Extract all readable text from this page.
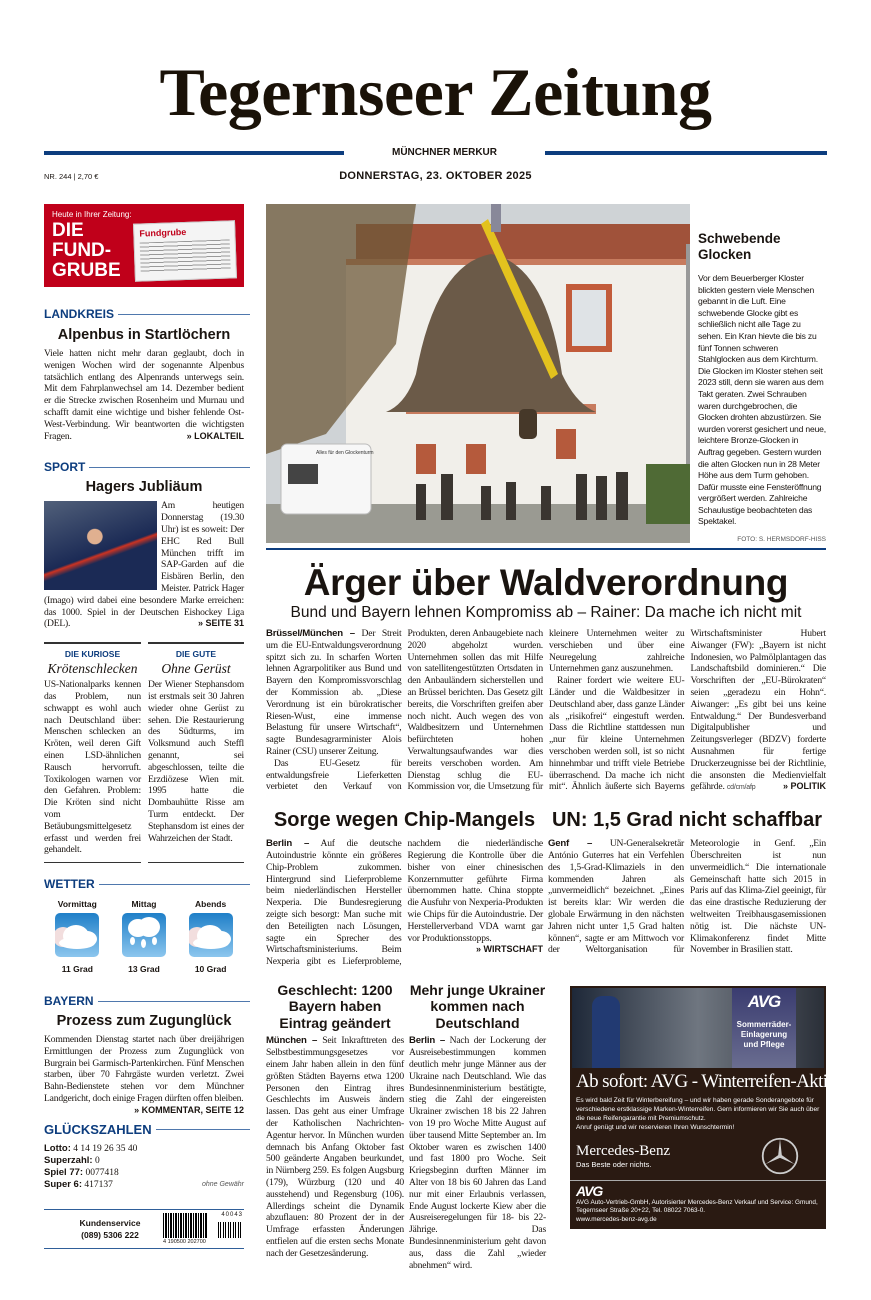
Tegernseer Zeitung
MÜNCHNER MERKUR
NR. 244 | 2,70 €	DONNERSTAG, 23. OKTOBER 2025
Heute in Ihrer Zeitung:
DIE
FUND-
GRUBE
Fundgrube
LANDKREIS
Alpenbus in Startlöchern
Viele hatten nicht mehr daran geglaubt, doch in wenigen Wochen wird der sogenannte Alpenbus tatsächlich entlang des Alpenrands unterwegs sein. Mit dem Fahrplanwechsel am 14. Dezember bedient er die Strecke zwischen Rosenheim und Murnau und schafft damit eine wichtige und bisher fehlende Ost-West-Verbindung. Wir beantworten die wichtigsten Fragen.	» LOKALTEIL
SPORT
Hagers Jubliäum
Am heutigen Donnerstag (19.30 Uhr) ist es soweit: Der EHC Red Bull München trifft im SAP-Garden auf die Eisbären Berlin, den Meister. Patrick Hager (Imago) wird dabei eine besondere Marke erreichen: das 1000. Spiel in der Deutschen Eishockey Liga (DEL).	» SEITE 31
DIE KURIOSE
Krötenschlecken
US-Nationalparks kennen das Problem, nun schwappt es wohl auch nach Deutschland über: Menschen schlecken an Kröten, weil deren Gift einen LSD-ähnlichen Rausch hervorruft. Toxikologen warnen vor den Gefahren. Problem: Die Kröten sind nicht vom Betäubungsmittelgesetz erfasst und werden frei gehandelt.
DIE GUTE
Ohne Gerüst
Der Wiener Stephansdom ist erstmals seit 30 Jahren wieder ohne Gerüst zu sehen. Die Restaurierung des Südturms, im Volksmund auch Steffl genannt, sei abgeschlossen, teilte die Erzdiözese Wien mit. 1995 hatte die Dombauhütte Risse am Turm entdeckt. Der Stephansdom ist eines der Wahrzeichen der Stadt.
WETTER
Vormittag
11 Grad
Mittag
13 Grad
Abends
10 Grad
BAYERN
Prozess zum Zugunglück
Kommenden Dienstag startet nach über dreijährigen Ermittlungen der Prozess zum Zugunglück von Burgrain bei Garmisch-Partenkirchen. Fünf Menschen starben, über 70 Fahrgäste wurden verletzt. Zwei Bahn-Bedienstete stehen vor dem Münchner Landgericht, doch einige Fragen dürften offen bleiben.
» KOMMENTAR, SEITE 12
GLÜCKSZAHLEN
Lotto: 4 14 19 26 35 40
Superzahl: 0
Spiel 77: 0077418
Super 6: 417137	ohne Gewähr
Kundenservice
(089) 5306 222
40043
4 190500 202700
Alles für den Glockenturm
Schwebende Glocken
Vor dem Beuerberger Kloster blickten gestern viele Menschen gebannt in die Luft. Eine schwebende Glocke gibt es schließlich nicht alle Tage zu sehen. Ein Kran hievte die bis zu fünf Tonnen schweren Stahlglocken aus dem Kirchturm. Die Glocken im Kloster stehen seit 2023 still, denn sie waren aus dem Takt geraten. Zwei Schrauben waren durchgebrochen, die Glocken drohten abzustürzen. Sie wurden vorerst gesichert und neue, leichtere Bronze-Glocken in Auftrag gegeben. Gestern wurden die alten Glocken nun in 28 Meter Höhe aus dem Turm gehoben. Dafür musste eine Fensteröffnung vergrößert werden. Zahlreiche Schaulustige beobachteten das Spektakel.
FOTO: S. HERMSDORF-HISS
Ärger über Waldverordnung
Bund und Bayern lehnen Kompromiss ab – Rainer: Da mache ich nicht mit

Brüssel/München – Der Streit um die EU-Entwaldungsverordnung spitzt sich zu. In scharfen Worten lehnen Agrarpolitiker aus Bund und Bayern den Kompromissvorschlag der Kommission ab. „Diese Verordnung ist ein bürokratischer Riesen-Wust, eine immense Belastung für unsere Wirtschaft“, sagte Bundesagrarminister Alois Rainer (CSU) unserer Zeitung.

Das EU-Gesetz für entwaldungsfreie Lieferketten verbietet den Verkauf von Produkten, deren Anbaugebiete nach 2020 abgeholzt wurden. Unternehmen sollen das mit Hilfe von satellitengestützten Ortsdaten in den Anbauländern sicherstellen und an Brüssel berichten. Das Gesetz gilt bereits, die Vorschriften greifen aber noch nicht. Auch wegen des von Waldbesitzern und Unternehmen befürchteten hohen Verwaltungsaufwandes war dies bereits verschoben worden. Am Dienstag schlug die EU-Kommission vor, die Umsetzung für kleinere Unternehmen weiter zu verschieben und über eine Neuregelung zahlreiche Unternehmen ganz auszunehmen.

Rainer fordert wie weitere EU-Länder und die Waldbesitzer in Deutschland aber, dass ganze Länder als „risikofrei“ eingestuft werden. Dass die Richtline stattdessen nun „nur für kleine Unternehmen verschoben werden soll, ist so nicht hinnehmbar und trifft viele Betriebe überraschend. Da mache ich nicht mit“. Ähnlich äußerte sich Bayerns Wirtschaftsminister Hubert Aiwanger (FW): „Bayern ist nicht Indonesien, wo Palmölplantagen das Landschaftsbild dominieren.“ Die Vorschriften der „EU-Bürokraten“ seien „geradezu ein Hohn“. Aiwanger: „Es gibt bei uns keine Entwaldung.“ Der Bundesverband Digitalpublisher und Zeitungsverleger (BDZV) forderte Ausnahmen für fertige Druckerzeugnisse bei der Richtlinie, die ansonsten die Medienvielfalt gefährde. cd/cm/afp	» POLITIK

Sorge wegen Chip-Mangels
Berlin – Auf die deutsche Autoindustrie könnte ein größeres Chip-Problem zukommen. Hintergrund sind Lieferprobleme beim niederländischen Hersteller Nexperia. Die Bundesregierung zeigte sich besorgt: Man suche mit den Beteiligten nach Lösungen, sagte ein Sprecher des Wirtschaftsministeriums. Beim Nexperia gibt es Lieferprobleme, nachdem die niederländische Regierung die Kontrolle über die bisher von einer chinesischen Konzernmutter geführte Firma übernommen hatte. China stoppte die Ausfuhr von Nexperia-Produkten wie Chips für die Autoindustrie. Der Herstellerverband VDA warnt gar vor Produktionsstopps.
» WIRTSCHAFT
UN: 1,5 Grad nicht schaffbar
Genf – UN-Generalsekretär António Guterres hat ein Verfehlen des 1,5-Grad-Klimaziels in den kommenden Jahren als „unvermeidlich“ bezeichnet. „Eines ist bereits klar: Wir werden die globale Erwärmung in den nächsten Jahren nicht unter 1,5 Grad halten können“, sagte er am Mittwoch vor der Weltorganisation für Meteorologie in Genf. „Ein Überschreiten ist nun unvermeidlich.“ Die internationale Gemeinschaft hatte sich 2015 in Paris auf das Klima-Ziel geeinigt, für das eine drastische Reduzierung der weltweiten Treibhausgasemissionen nötig ist. Die nächste UN-Klimakonferenz findet Mitte November in Brasilien statt.
Geschlecht: 1200 Bayern haben Eintrag geändert
München – Seit Inkrafttreten des Selbstbestimmungsgesetzes vor einem Jahr haben allein in den fünf größten Städten Bayerns etwa 1200 Personen den Eintrag ihres Geschlechts im Ausweis ändern lassen. Das geht aus einer Umfrage der Katholischen Nachrichten-Agentur hervor. In München wurden demnach bis Anfang Oktober fast 500 geänderte Angaben beurkundet, in Nürnberg 259. Es folgen Augsburg (179), Würzburg (120 und 40 ausstehend) und Regensburg (106). Allerdings scheint die Dynamik abzuflauen: 80 Prozent der in der Umfrage erfassten Änderungen entfielen auf die ersten sechs Monate nach der Gesetzesänderung.
Mehr junge Ukrainer kommen nach Deutschland
Berlin – Nach der Lockerung der Ausreisebestimmungen kommen deutlich mehr junge Männer aus der Ukraine nach Deutschland. Wie das Bundesinnenministerium bestätigte, stieg die Zahl der eingereisten Ukrainer zwischen 18 bis 22 Jahren von 19 pro Woche Mitte August auf über tausend Mitte September an. Im Oktober waren es zwischen 1400 und fast 1800 pro Woche. Seit Kriegsbeginn durften Männer im Alter von 18 bis 60 Jahren das Land nur mit einer Erlaubnis verlassen, Ende August lockerte Kiew aber die Ausreiseregelungen für 18- bis 22-Jährige. Das Bundesinnenministerium geht davon aus, dass die Zahl „wieder abnehmen“ wird.
AVG
Sommerräder-
Einlagerung
und Pflege
Ab sofort: AVG - Winterreifen-Aktion!
Es wird bald Zeit für Winterbereifung – und wir haben gerade Sonderangebote für verschiedene erstklassige Marken-Winterreifen. Gern informieren wir Sie auch über die neue Reifengarantie mit Premiumschutz.
Anruf genügt und wir reservieren Ihren Wunschtermin!
Mercedes-Benz
Das Beste oder nichts.
AVG
AVG Auto-Vertrieb-GmbH, Autorisierter Mercedes-Benz Verkauf und Service: Gmund, Tegernseer Straße 20+22, Tel. 08022 7063-0.
www.mercedes-benz-avg.de
